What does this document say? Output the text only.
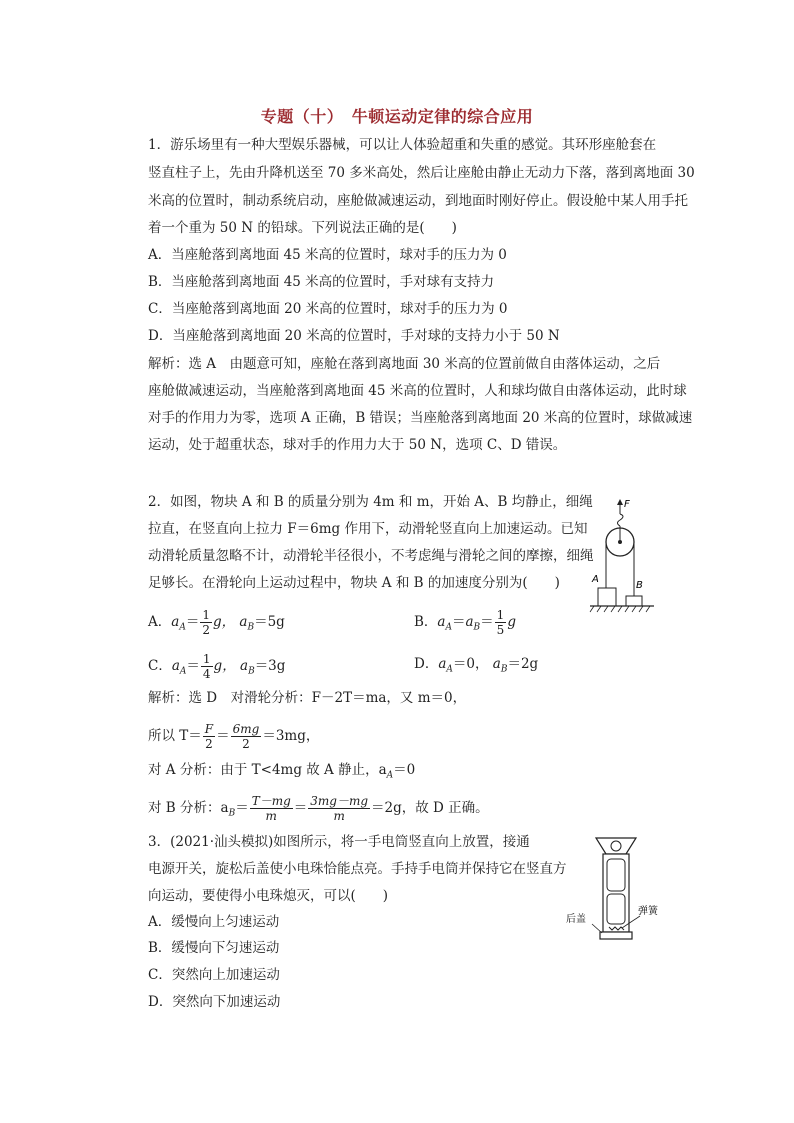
专题（十）　牛顿运动定律的综合应用
1．游乐场里有一种大型娱乐器械，可以让人体验超重和失重的感觉。其环形座舱套在
竖直柱子上，先由升降机送至 70 多米高处，然后让座舱由静止无动力下落，落到离地面 30
米高的位置时，制动系统启动，座舱做减速运动，到地面时刚好停止。假设舱中某人用手托
着一个重为 50 N 的铅球。下列说法正确的是(　　)
A．当座舱落到离地面 45 米高的位置时，球对手的压力为 0
B．当座舱落到离地面 45 米高的位置时，手对球有支持力
C．当座舱落到离地面 20 米高的位置时，球对手的压力为 0
D．当座舱落到离地面 20 米高的位置时，手对球的支持力小于 50 N
解析：选 A　由题意可知，座舱在落到离地面 30 米高的位置前做自由落体运动，之后
座舱做减速运动，当座舱落到离地面 45 米高的位置时，人和球均做自由落体运动，此时球
对手的作用力为零，选项 A 正确，B 错误；当座舱落到离地面 20 米高的位置时，球做减速
运动，处于超重状态，球对手的作用力大于 50 N，选项 C、D 错误。
2．如图，物块 A 和 B 的质量分别为 4m 和 m，开始 A、B 均静止，细绳
拉直，在竖直向上拉力 F＝6mg 作用下，动滑轮竖直向上加速运动。已知
动滑轮质量忽略不计，动滑轮半径很小，不考虑绳与滑轮之间的摩擦，细绳
足够长。在滑轮向上运动过程中，物块 A 和 B 的加速度分别为(　　)
F
A
B
A．$a_A= \frac{1}{2}$ g， $a_B=5g$	B．$a_A=a_B= \frac{1}{5}$ g
C．$a_A= \frac{1}{4}$ g， $a_B=3g$	D．$a_A=0$， $a_B=2g$
解析：选 D　对滑轮分析：F－2T＝ma，又 m＝0，
所以 $T= \frac{F}{2} = \frac{6mg}{2} =3mg$，
对 A 分析：由于 T<4mg 故 A 静止，$a_A=0$
对 B 分析：$a_B= \frac{T-mg}{m} = \frac{3mg-mg}{m} =2g$，故 D 正确。
3．(2021·汕头模拟)如图所示，将一手电筒竖直向上放置，接通
电源开关，旋松后盖使小电珠恰能点亮。手持手电筒并保持它在竖直方
向运动，要使得小电珠熄灭，可以(　　)
A．缓慢向上匀速运动
B．缓慢向下匀速运动
C．突然向上加速运动
D．突然向下加速运动
后盖
弹簧
